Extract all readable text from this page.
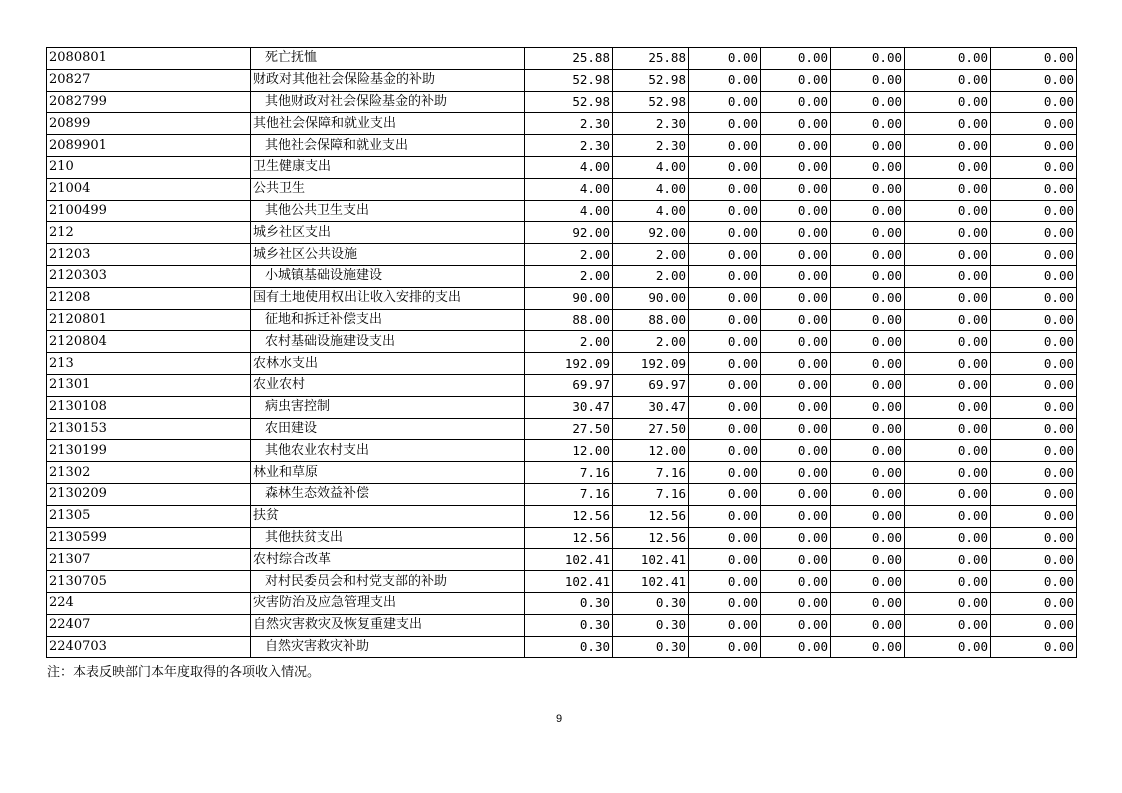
2080801	死亡抚恤	25.88	25.88	0.00	0.00	0.00	0.00	0.00
20827	财政对其他社会保险基金的补助	52.98	52.98	0.00	0.00	0.00	0.00	0.00
2082799	其他财政对社会保险基金的补助	52.98	52.98	0.00	0.00	0.00	0.00	0.00
20899	其他社会保障和就业支出	2.30	2.30	0.00	0.00	0.00	0.00	0.00
2089901	其他社会保障和就业支出	2.30	2.30	0.00	0.00	0.00	0.00	0.00
210	卫生健康支出	4.00	4.00	0.00	0.00	0.00	0.00	0.00
21004	公共卫生	4.00	4.00	0.00	0.00	0.00	0.00	0.00
2100499	其他公共卫生支出	4.00	4.00	0.00	0.00	0.00	0.00	0.00
212	城乡社区支出	92.00	92.00	0.00	0.00	0.00	0.00	0.00
21203	城乡社区公共设施	2.00	2.00	0.00	0.00	0.00	0.00	0.00
2120303	小城镇基础设施建设	2.00	2.00	0.00	0.00	0.00	0.00	0.00
21208	国有土地使用权出让收入安排的支出	90.00	90.00	0.00	0.00	0.00	0.00	0.00
2120801	征地和拆迁补偿支出	88.00	88.00	0.00	0.00	0.00	0.00	0.00
2120804	农村基础设施建设支出	2.00	2.00	0.00	0.00	0.00	0.00	0.00
213	农林水支出	192.09	192.09	0.00	0.00	0.00	0.00	0.00
21301	农业农村	69.97	69.97	0.00	0.00	0.00	0.00	0.00
2130108	病虫害控制	30.47	30.47	0.00	0.00	0.00	0.00	0.00
2130153	农田建设	27.50	27.50	0.00	0.00	0.00	0.00	0.00
2130199	其他农业农村支出	12.00	12.00	0.00	0.00	0.00	0.00	0.00
21302	林业和草原	7.16	7.16	0.00	0.00	0.00	0.00	0.00
2130209	森林生态效益补偿	7.16	7.16	0.00	0.00	0.00	0.00	0.00
21305	扶贫	12.56	12.56	0.00	0.00	0.00	0.00	0.00
2130599	其他扶贫支出	12.56	12.56	0.00	0.00	0.00	0.00	0.00
21307	农村综合改革	102.41	102.41	0.00	0.00	0.00	0.00	0.00
2130705	对村民委员会和村党支部的补助	102.41	102.41	0.00	0.00	0.00	0.00	0.00
224	灾害防治及应急管理支出	0.30	0.30	0.00	0.00	0.00	0.00	0.00
22407	自然灾害救灾及恢复重建支出	0.30	0.30	0.00	0.00	0.00	0.00	0.00
2240703	自然灾害救灾补助	0.30	0.30	0.00	0.00	0.00	0.00	0.00
注：本表反映部门本年度取得的各项收入情况。
9
